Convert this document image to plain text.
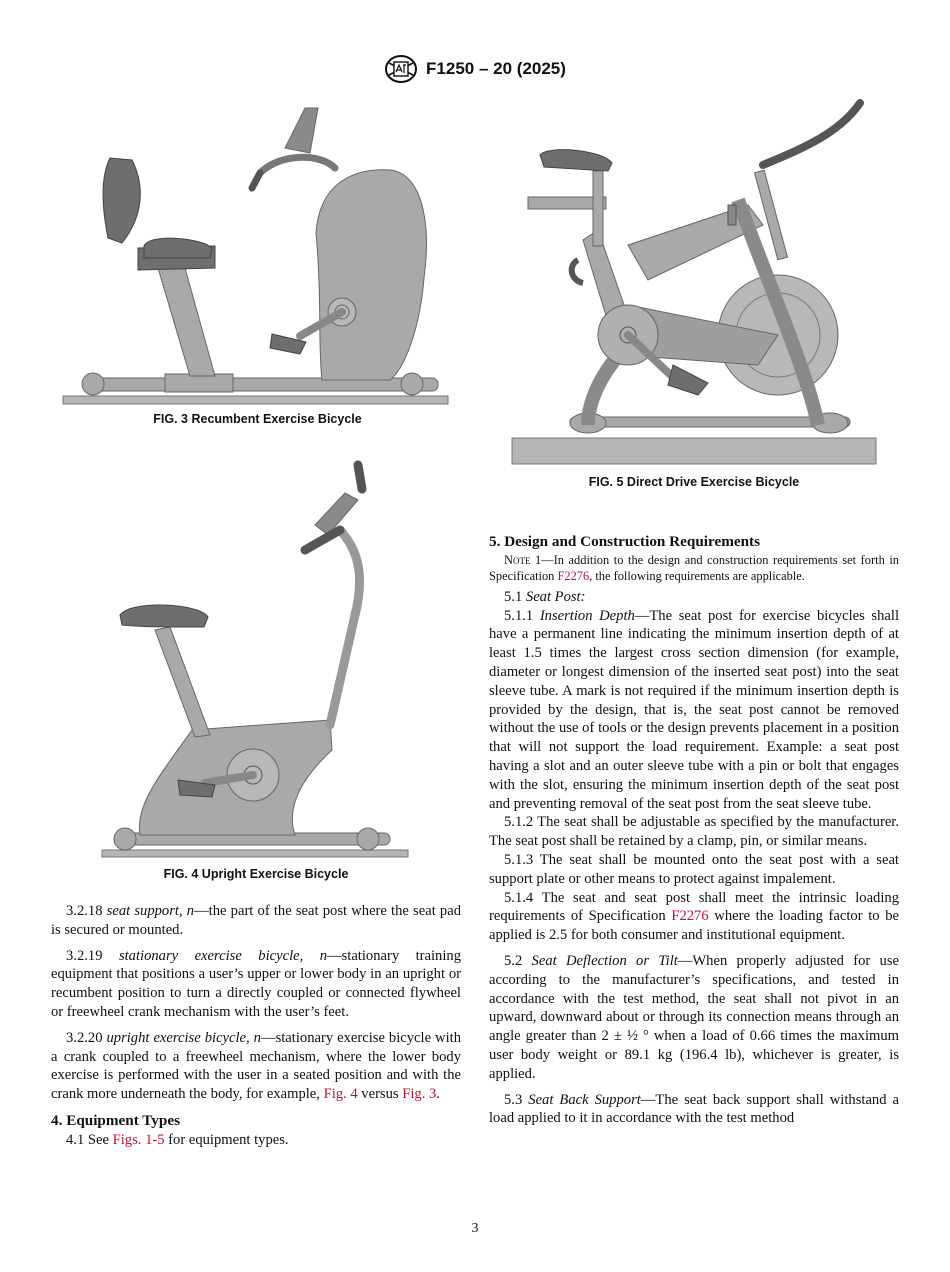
F1250 – 20 (2025)
FIG. 3 Recumbent Exercise Bicycle
FIG. 5 Direct Drive Exercise Bicycle
FIG. 4 Upright Exercise Bicycle

3.2.18 seat support, n—the part of the seat post where the seat pad is secured or mounted.

3.2.19 stationary exercise bicycle, n—stationary training equipment that positions a user’s upper or lower body in an upright or recumbent position to turn a directly coupled or connected flywheel or freewheel crank mechanism with the user’s feet.

3.2.20 upright exercise bicycle, n—stationary exercise bicycle with a crank coupled to a freewheel mechanism, where the lower body exercise is performed with the user in a seated position and with the crank more underneath the body, for example, Fig. 4 versus Fig. 3.

4. Equipment Types

4.1 See Figs. 1-5 for equipment types.

5. Design and Construction Requirements

Note 1—In addition to the design and construction requirements set forth in Specification F2276, the following requirements are applicable.

5.1 Seat Post:

5.1.1 Insertion Depth—The seat post for exercise bicycles shall have a permanent line indicating the minimum insertion depth of at least 1.5 times the largest cross section dimension (for example, diameter or longest dimension of the inserted seat post) into the seat sleeve tube. A mark is not required if the minimum insertion depth is provided by the design, that is, the seat post cannot be removed without the use of tools or the design prevents placement in a position that will not support the load requirement. Example: a seat post having a slot and an outer sleeve tube with a pin or bolt that engages with the slot, ensuring the minimum insertion depth of the seat post and preventing removal of the seat post from the seat sleeve tube.

5.1.2 The seat shall be adjustable as specified by the manufacturer. The seat post shall be retained by a clamp, pin, or similar means.

5.1.3 The seat shall be mounted onto the seat post with a seat support plate or other means to protect against impalement.

5.1.4 The seat and seat post shall meet the intrinsic loading requirements of Specification F2276 where the loading factor to be applied is 2.5 for both consumer and institutional equipment.

5.2 Seat Deflection or Tilt—When properly adjusted for use according to the manufacturer’s specifications, and tested in accordance with the test method, the seat shall not pivot in an upward, downward about or through its connection means through an angle greater than 2 ± ½ ° when a load of 0.66 times the maximum user body weight or 89.1 kg (196.4 lb), whichever is greater, is applied.

5.3 Seat Back Support—The seat back support shall withstand a load applied to it in accordance with the test method

3
